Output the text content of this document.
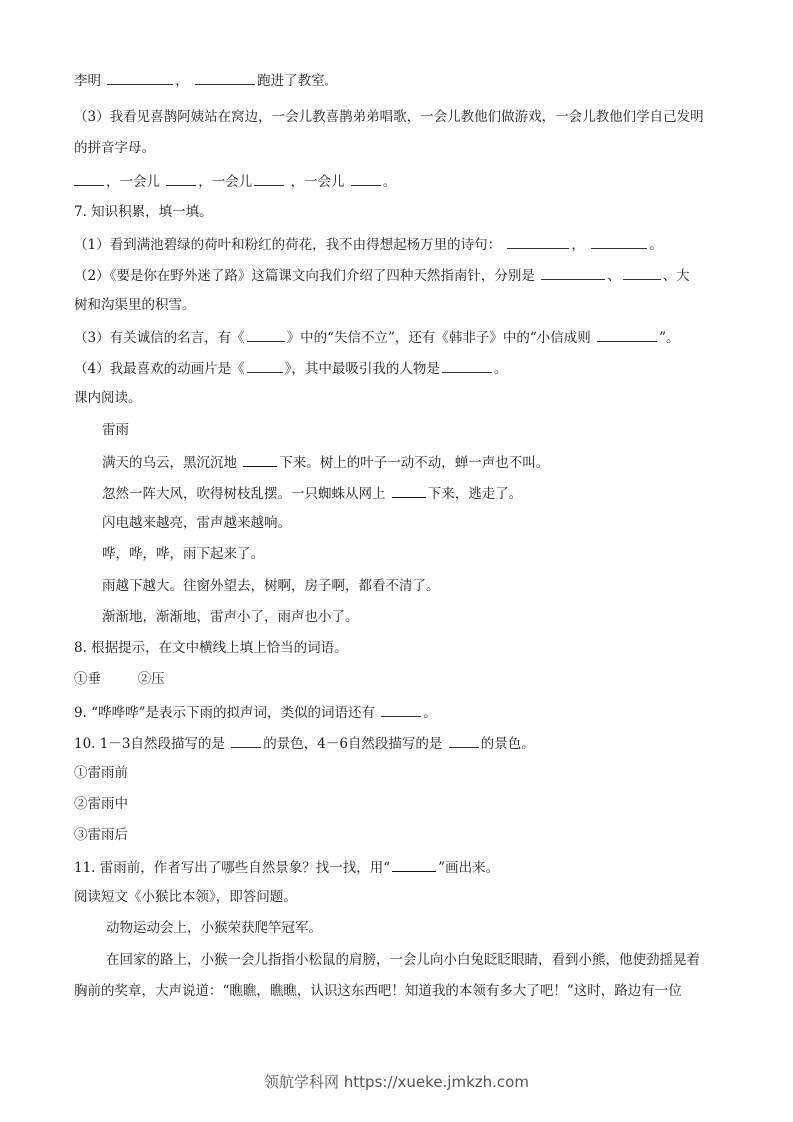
李明	，	跑进了教室。
（3）我看见喜鹊阿姨站在窝边，一会儿教喜鹊弟弟唱歌，一会儿教他们做游戏，一会儿教他们学自己发明
的拼音字母。
，一会儿	，一会儿	，一会儿	。
7. 知识积累，填一填。
（1）看到满池碧绿的荷叶和粉红的荷花，我不由得想起杨万里的诗句：	，	。
（2）《要是你在野外迷了路》这篇课文向我们介绍了四种天然指南针，分别是	、	、大
树和沟渠里的积雪。
（3）有关诚信的名言，有《	》中的“失信不立”，还有《韩非子》中的“小信成则	”。
（4）我最喜欢的动画片是《	》，其中最吸引我的人物是	。
课内阅读。
雷雨
满天的乌云，黑沉沉地	下来。树上的叶子一动不动，蝉一声也不叫。
忽然一阵大风，吹得树枝乱摆。一只蜘蛛从网上	下来，逃走了。
闪电越来越亮，雷声越来越响。
哗，哗，哗，雨下起来了。
雨越下越大。往窗外望去，树啊，房子啊，都看不清了。
渐渐地，渐渐地，雷声小了，雨声也小了。
8. 根据提示，在文中横线上填上恰当的词语。
①垂	②压
9. “哗哗哗”是表示下雨的拟声词，类似的词语还有	。
10. 1－3自然段描写的是	的景色，4－6自然段描写的是	的景色。
①雷雨前
②雷雨中
③雷雨后
11. 雷雨前，作者写出了哪些自然景象？找一找，用“	”画出来。
阅读短文《小猴比本领》，即答问题。
动物运动会上，小猴荣获爬竿冠军。
在回家的路上，小猴一会儿指指小松鼠的肩膀，一会儿向小白兔眨眨眼睛，看到小熊，他使劲摇晃着
胸前的奖章，大声说道：“瞧瞧，瞧瞧，认识这东西吧！知道我的本领有多大了吧！”这时，路边有一位
领航学科网 https://xueke.jmkzh.com
